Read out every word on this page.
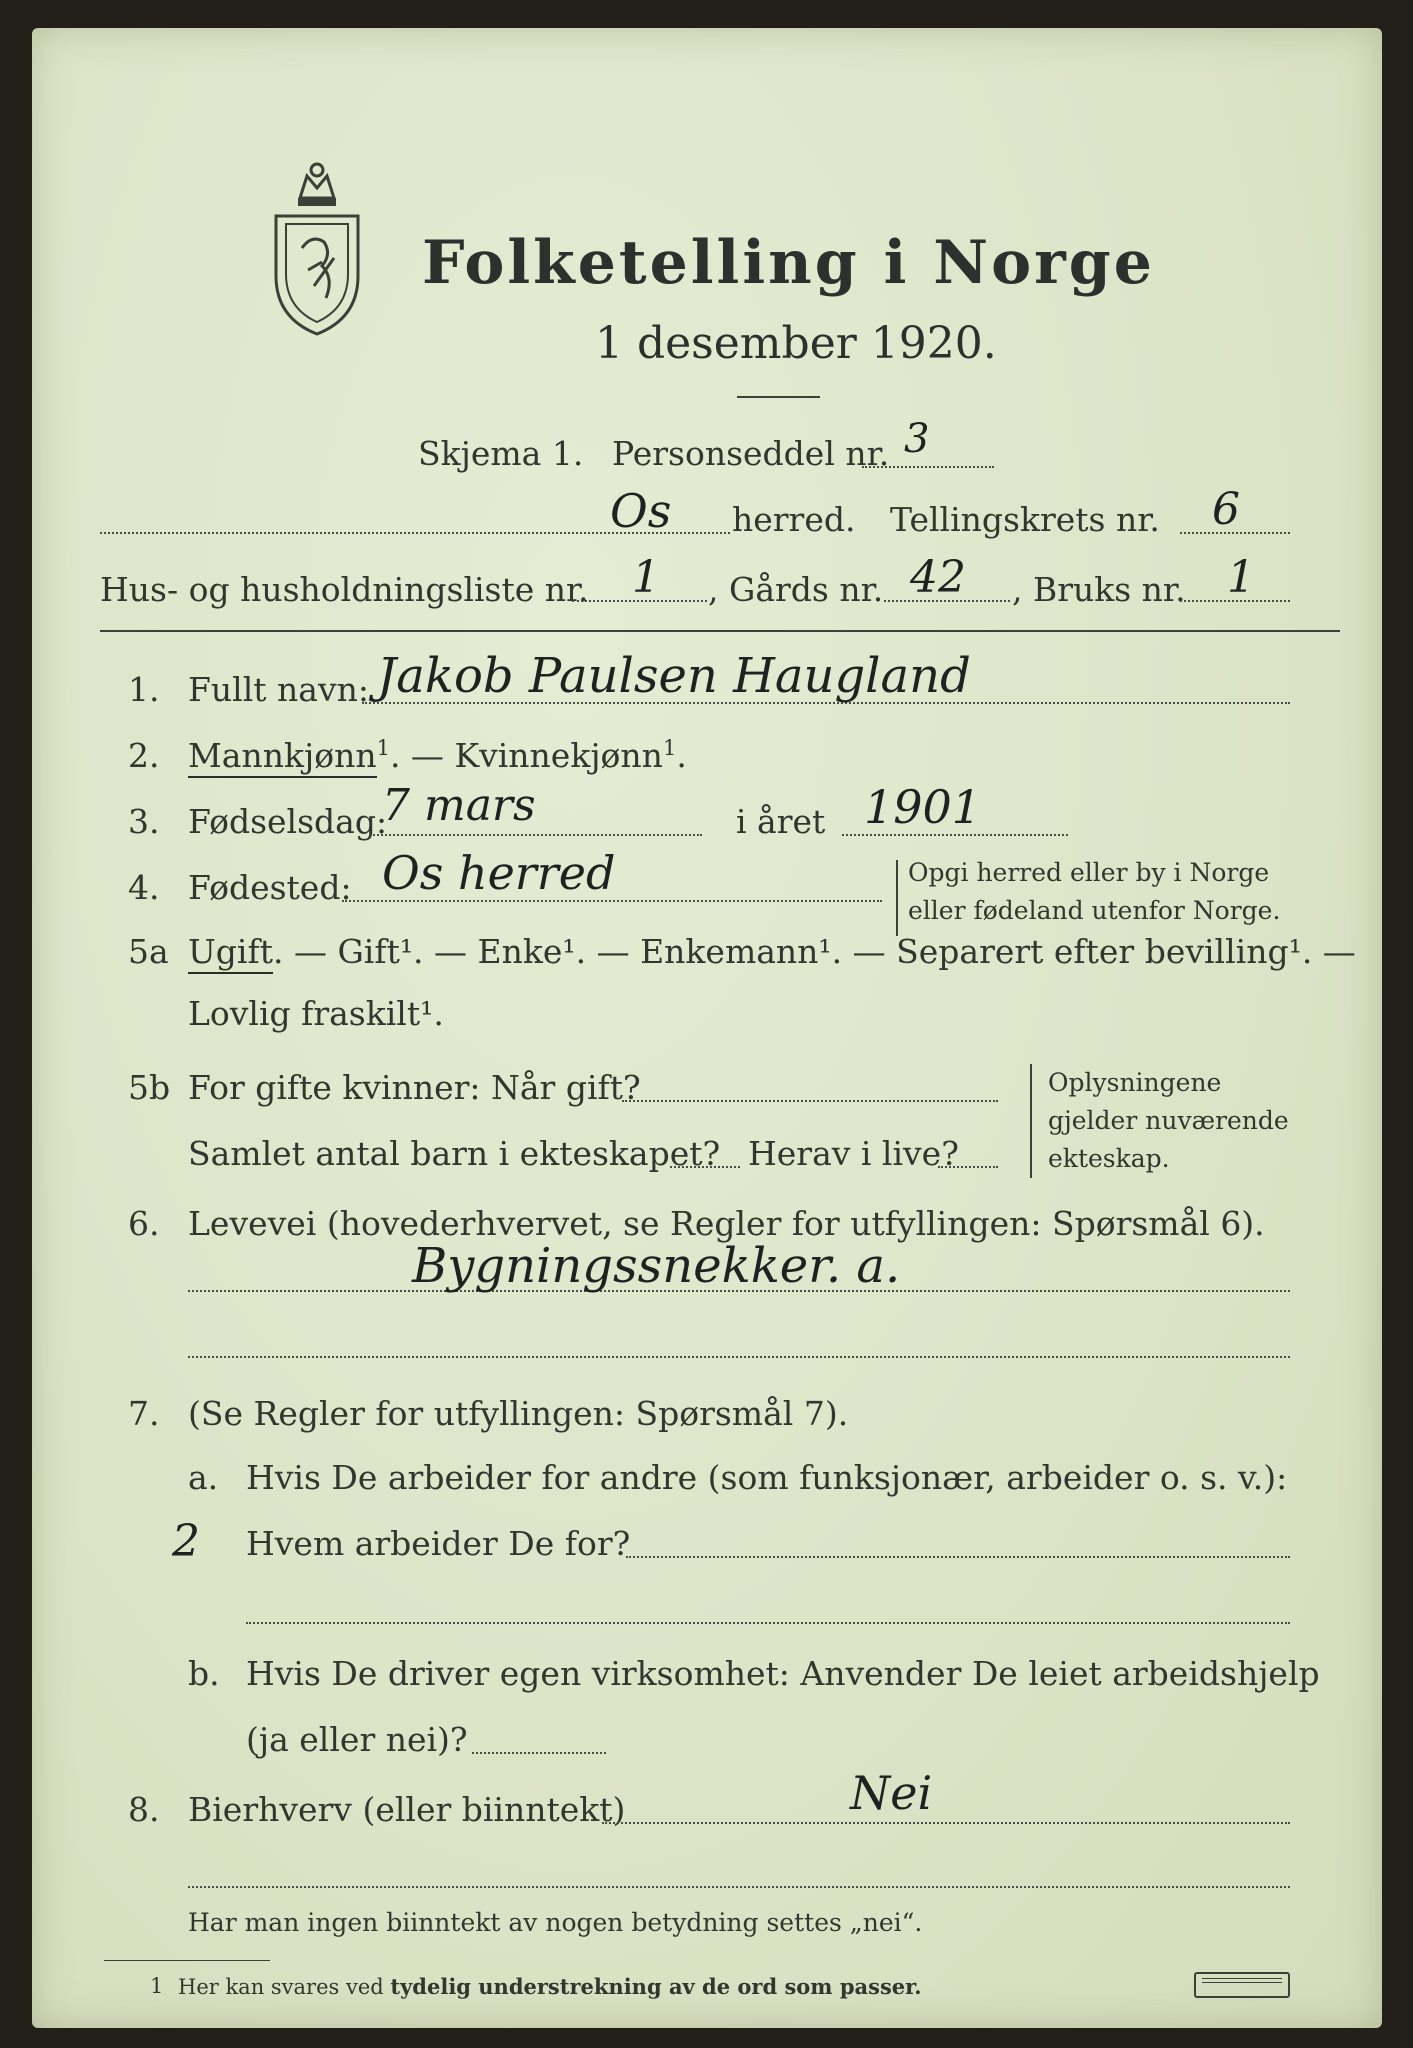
Folketelling i Norge
1 desember 1920.
Skjema 1. Personseddel nr. 3
Os herred. Tellingskrets nr. 6
Hus- og husholdningsliste nr. 1 , Gårds nr. 42 , Bruks nr. 1
1. Fullt navn: Jakob Paulsen Haugland
2. Mannkjønn$^1$. — Kvinnekjønn$^1$.
3. Fødselsdag:
7 mars	i året 1901
4. Fødested: Os herred	Opgi herred eller by i Norge
eller fødeland utenfor Norge.
5a Ugift. — Gift¹. — Enke¹. — Enkemann¹. — Separert efter bevilling¹. —
Lovlig fraskilt¹.
5b For gifte kvinner: Når gift?
Samlet antal barn i ekteskapet? Herav i live?
Oplysningene
gjelder nuværende
ekteskap.
6. Levevei (hovederhvervet, se Regler for utfyllingen: Spørsmål 6).
Bygningssnekker. a.
7. (Se Regler for utfyllingen: Spørsmål 7).
a. Hvis De arbeider for andre (som funksjonær, arbeider o. s. v.):
2 Hvem arbeider De for?
b. Hvis De driver egen virksomhet: Anvender De leiet arbeidshjelp
(ja eller nei)?
8. Bierhverv (eller biinntekt)	Nei
Har man ingen biinntekt av nogen betydning settes „nei“.
1 Her kan svares ved tydelig understrekning av de ord som passer.
